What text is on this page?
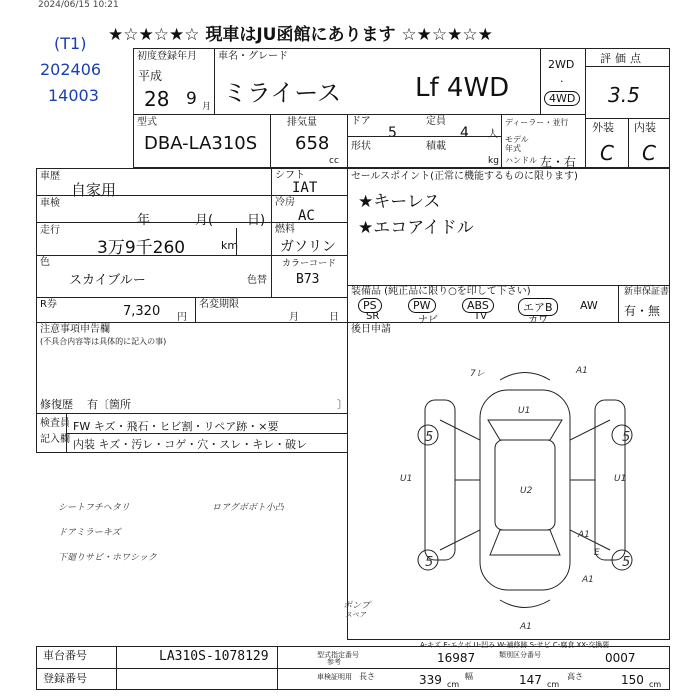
2024/06/15 10:21
★☆★☆★☆ 現車はJU函館にあります ☆★☆★☆★
(T1)
202406
14003
初度登録年月
平成
28 9 月
車名・グレード
ミライース	Lf 4WD
2WD
·
4WD
評価点
3.5
外装 内装
C C
型式
DBA-LA310S
排気量
658
cc
ドア
5
定員
4 人
形状	積載
kg
ディーラー・並行
モデル年式
ハンドル 左・右
車歴
自家用
車検
年	月(	日)
走行
3万9千260	km
色
スカイブルー	色替
シフト
IAT
冷房
AC
燃料
ガソリン
カラーコード
B73
セールスポイント(正常に機能するものに限ります)
★キーレス
★エコアイドル
装備品 (純正品に限り○を印して下さい)	新車保証書
PS	PW	ABS	エアB	AW
SR	ナビ	TV	カワ
有・無
R券	7,320 円
名変期限
月	日
注意事項申告欄
(不具合内容等は具体的に記入の事)
修復歴 有〔箇所	〕
後日申請
検査員
記入欄
FW キズ・飛石・ヒビ割・リペア跡・×要
内装 キズ・汚レ・コゲ・穴・スレ・キレ・破レ
シートフチヘタリ
ドアミラーキズ
下廻りサビ・ホワシック
ロアグボボト小凸
7レ	A1
U1
U1
U2
U1
5	5
5	5
A1
E
A1
A1
ポンプ
スペア
A-キズ E-エクボ U-凹み W-補修跡 S-サビ C-腐食 XX-交換要
車台番号	LA310S-1078129
登録番号
型式指定番号
参考	16987	類別区分番号	0007
車検証明用 長さ	339 cm
幅	147 cm
高さ	150 cm
